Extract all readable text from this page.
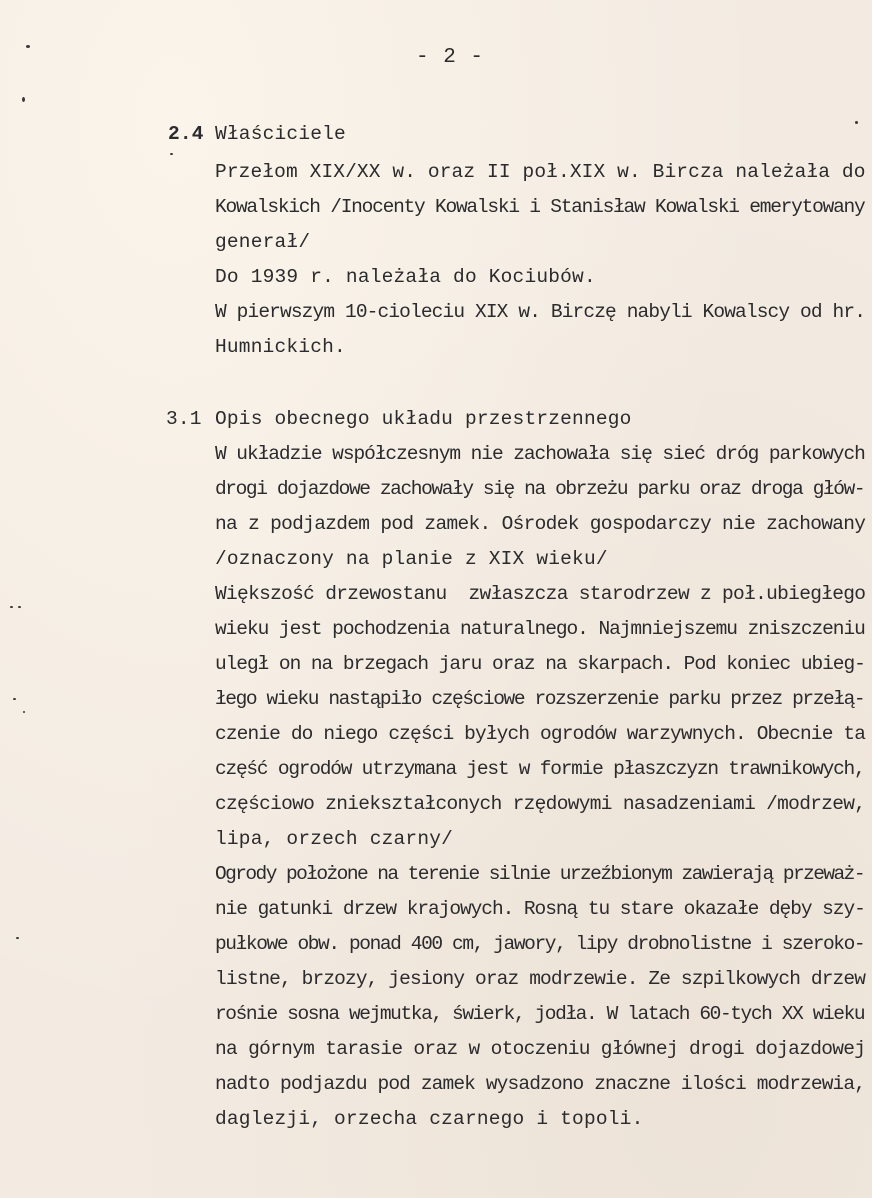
- 2 -
2.4 Właściciele
Przełom XIX/XX w. oraz II poł.XIX w. Bircza należała do
Kowalskich /Inocenty Kowalski i Stanisław Kowalski emerytowany
generał/
Do 1939 r. należała do Kociubów.
W pierwszym 10-cioleciu XIX w. Birczę nabyli Kowalscy od hr.
Humnickich.
3.1 Opis obecnego układu przestrzennego
W układzie współczesnym nie zachowała się sieć dróg parkowych
drogi dojazdowe zachowały się na obrzeżu parku oraz droga głów-
na z podjazdem pod zamek. Ośrodek gospodarczy nie zachowany
/oznaczony na planie z XIX wieku/
Większość drzewostanu  zwłaszcza starodrzew z poł.ubiegłego
wieku jest pochodzenia naturalnego. Najmniejszemu zniszczeniu
uległ on na brzegach jaru oraz na skarpach. Pod koniec ubieg-
łego wieku nastąpiło częściowe rozszerzenie parku przez przełą-
czenie do niego części byłych ogrodów warzywnych. Obecnie ta
część ogrodów utrzymana jest w formie płaszczyzn trawnikowych,
częściowo zniekształconych rzędowymi nasadzeniami /modrzew,
lipa, orzech czarny/
Ogrody położone na terenie silnie urzeźbionym zawierają przeważ-
nie gatunki drzew krajowych. Rosną tu stare okazałe dęby szy-
pułkowe obw. ponad 400 cm, jawory, lipy drobnolistne i szeroko-
listne, brzozy, jesiony oraz modrzewie. Ze szpilkowych drzew
rośnie sosna wejmutka, świerk, jodła. W latach 60-tych XX wieku
na górnym tarasie oraz w otoczeniu głównej drogi dojazdowej
nadto podjazdu pod zamek wysadzono znaczne ilości modrzewia,
daglezji, orzecha czarnego i topoli.
